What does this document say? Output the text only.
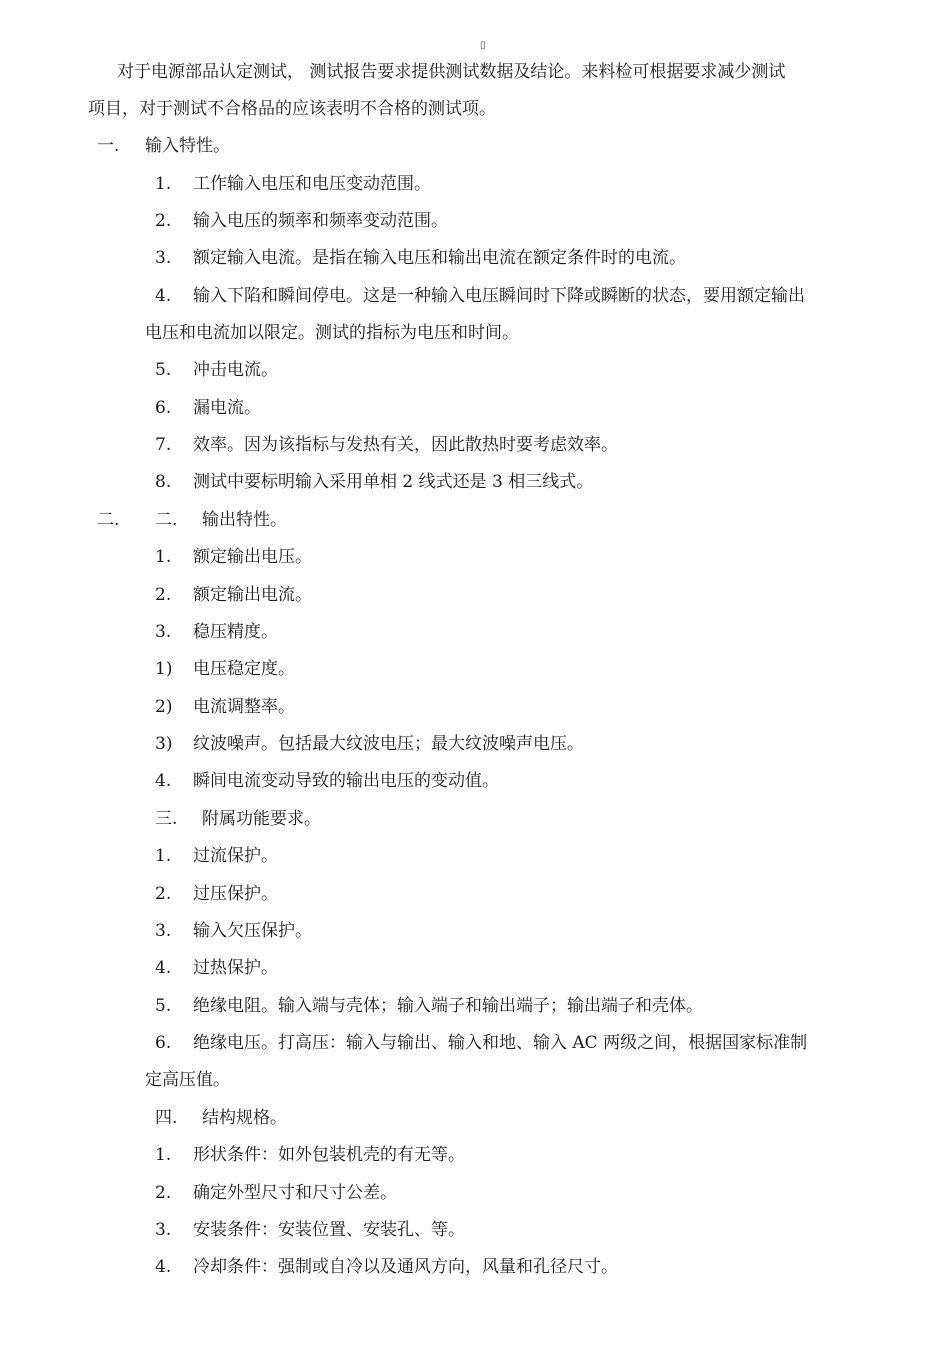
▯
对于电源部品认定测试， 测试报告要求提供测试数据及结论。来料检可根据要求减少测试
项目，对于测试不合格品的应该表明不合格的测试项。
一. 输入特性。
1. 工作输入电压和电压变动范围。
2. 输入电压的频率和频率变动范围。
3. 额定输入电流。是指在输入电压和输出电流在额定条件时的电流。
4. 输入下陷和瞬间停电。这是一种输入电压瞬间时下降或瞬断的状态，要用额定输出
电压和电流加以限定。测试的指标为电压和时间。
5. 冲击电流。
6. 漏电流。
7. 效率。因为该指标与发热有关，因此散热时要考虑效率。
8. 测试中要标明输入采用单相 2 线式还是 3 相三线式。
二. 二. 输出特性。
1. 额定输出电压。
2. 额定输出电流。
3. 稳压精度。
1) 电压稳定度。
2) 电流调整率。
3) 纹波噪声。包括最大纹波电压；最大纹波噪声电压。
4. 瞬间电流变动导致的输出电压的变动值。
三. 附属功能要求。
1. 过流保护。
2. 过压保护。
3. 输入欠压保护。
4. 过热保护。
5. 绝缘电阻。输入端与壳体；输入端子和输出端子；输出端子和壳体。
6. 绝缘电压。打高压：输入与输出、输入和地、输入 AC 两级之间，根据国家标准制
定高压值。
四. 结构规格。
1. 形状条件：如外包装机壳的有无等。
2. 确定外型尺寸和尺寸公差。
3. 安装条件：安装位置、安装孔、等。
4. 冷却条件：强制或自冷以及通风方向，风量和孔径尺寸。
